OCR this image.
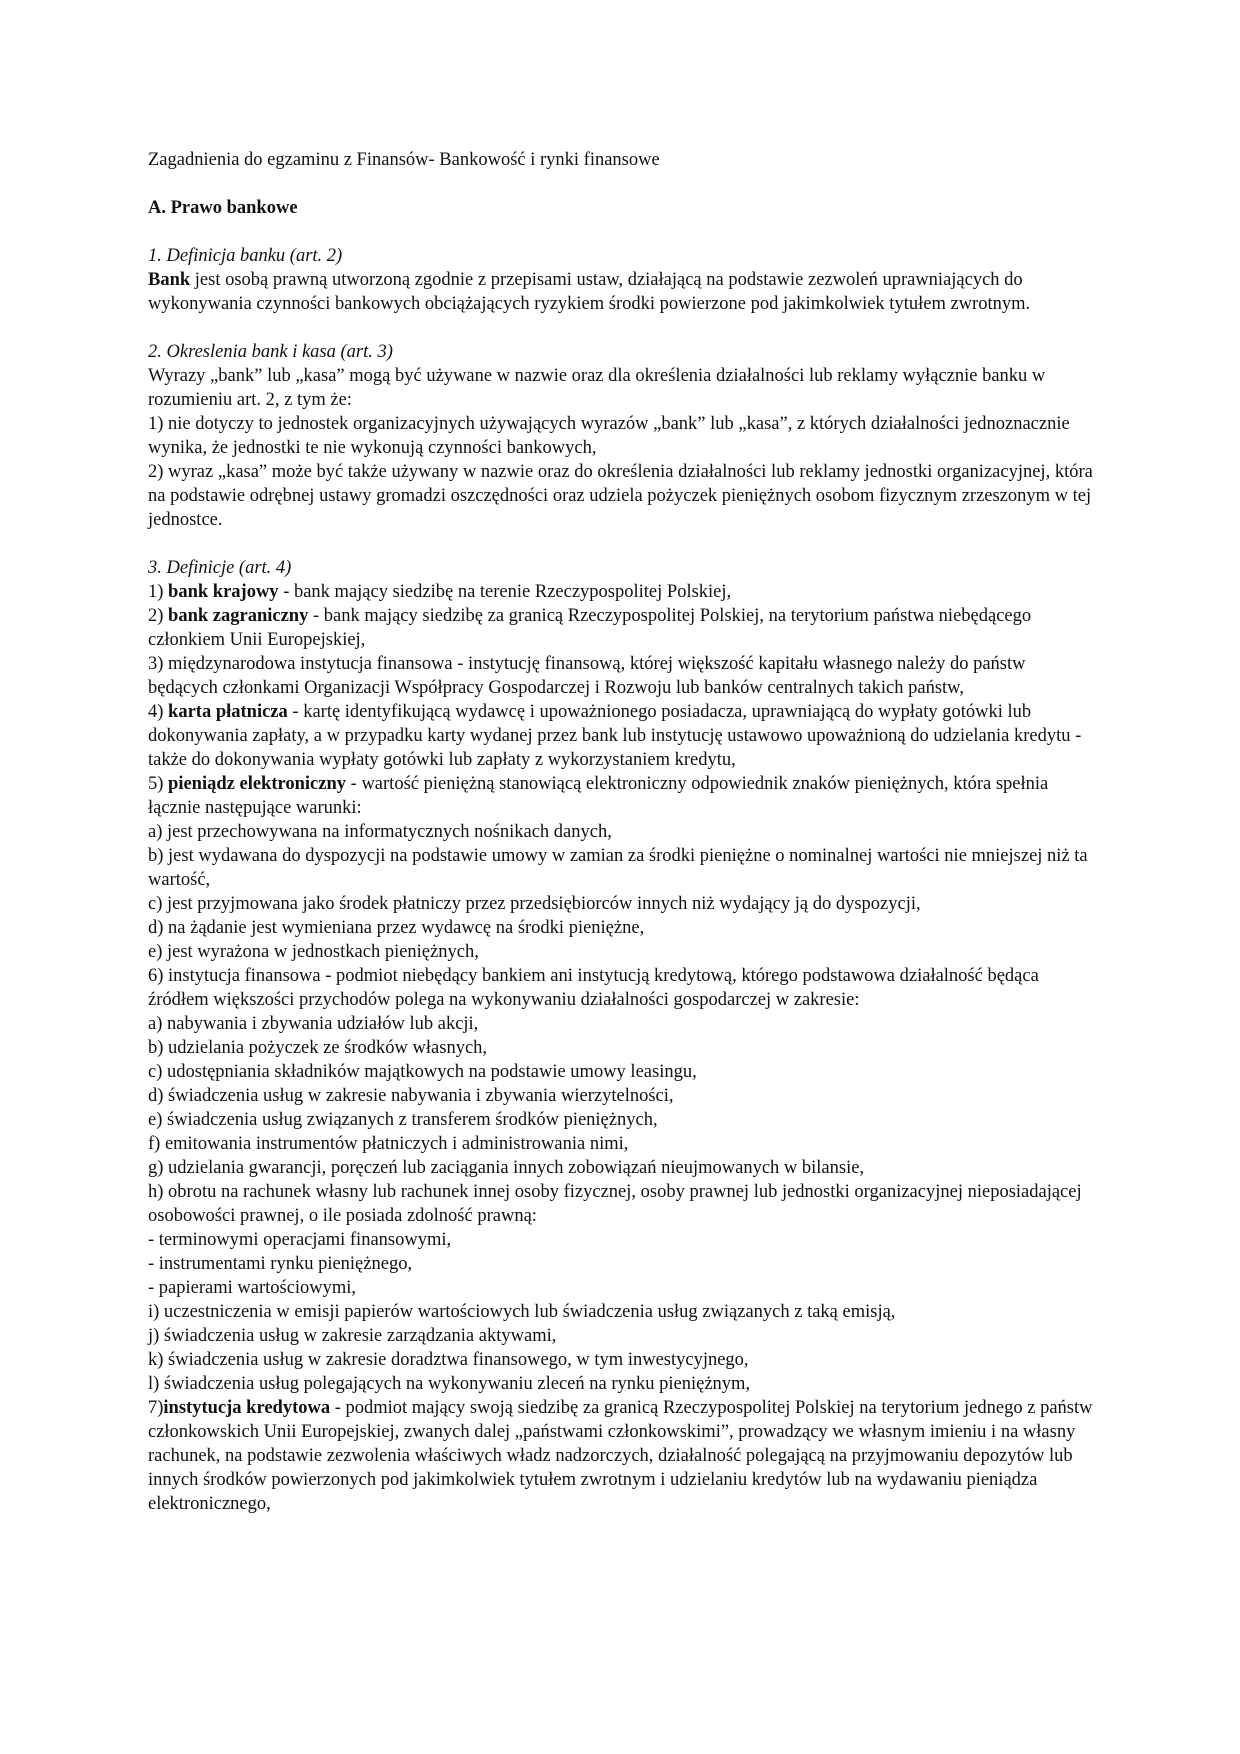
Zagadnienia do egzaminu z Finansów- Bankowość i rynki finansowe

A. Prawo bankowe

1. Definicja banku (art. 2)
Bank jest osobą prawną utworzoną zgodnie z przepisami ustaw, działającą na podstawie zezwoleń uprawniających do wykonywania czynności bankowych obciążających ryzykiem środki powierzone pod jakimkolwiek tytułem zwrotnym.
2. Okreslenia bank i kasa (art. 3)
Wyrazy „bank” lub „kasa” mogą być używane w nazwie oraz dla określenia działalności lub reklamy wyłącznie banku w rozumieniu art. 2, z tym że:
1) nie dotyczy to jednostek organizacyjnych używających wyrazów „bank” lub „kasa”, z których działalności jednoznacznie wynika, że jednostki te nie wykonują czynności bankowych,
2) wyraz „kasa” może być także używany w nazwie oraz do określenia działalności lub reklamy jednostki organizacyjnej, która na podstawie odrębnej ustawy gromadzi oszczędności oraz udziela pożyczek pieniężnych osobom fizycznym zrzeszonym w tej jednostce.
3. Definicje (art. 4)
1) bank krajowy - bank mający siedzibę na terenie Rzeczypospolitej Polskiej,
2) bank zagraniczny - bank mający siedzibę za granicą Rzeczypospolitej Polskiej, na terytorium państwa niebędącego członkiem Unii Europejskiej,
3) międzynarodowa instytucja finansowa - instytucję finansową, której większość kapitału własnego należy do państw będących członkami Organizacji Współpracy Gospodarczej i Rozwoju lub banków centralnych takich państw,
4) karta płatnicza - kartę identyfikującą wydawcę i upoważnionego posiadacza, uprawniającą do wypłaty gotówki lub dokonywania zapłaty, a w przypadku karty wydanej przez bank lub instytucję ustawowo upoważnioną do udzielania kredytu - także do dokonywania wypłaty gotówki lub zapłaty z wykorzystaniem kredytu,
5) pieniądz elektroniczny - wartość pieniężną stanowiącą elektroniczny odpowiednik znaków pieniężnych, która spełnia łącznie następujące warunki:
a) jest przechowywana na informatycznych nośnikach danych,
b) jest wydawana do dyspozycji na podstawie umowy w zamian za środki pieniężne o nominalnej wartości nie mniejszej niż ta wartość,
c) jest przyjmowana jako środek płatniczy przez przedsiębiorców innych niż wydający ją do dyspozycji,
d) na żądanie jest wymieniana przez wydawcę na środki pieniężne,
e) jest wyrażona w jednostkach pieniężnych,
6) instytucja finansowa - podmiot niebędący bankiem ani instytucją kredytową, którego podstawowa działalność będąca źródłem większości przychodów polega na wykonywaniu działalności gospodarczej w zakresie:
a) nabywania i zbywania udziałów lub akcji,
b) udzielania pożyczek ze środków własnych,
c) udostępniania składników majątkowych na podstawie umowy leasingu,
d) świadczenia usług w zakresie nabywania i zbywania wierzytelności,
e) świadczenia usług związanych z transferem środków pieniężnych,
f) emitowania instrumentów płatniczych i administrowania nimi,
g) udzielania gwarancji, poręczeń lub zaciągania innych zobowiązań nieujmowanych w bilansie,
h) obrotu na rachunek własny lub rachunek innej osoby fizycznej, osoby prawnej lub jednostki organizacyjnej nieposiadającej osobowości prawnej, o ile posiada zdolność prawną:
- terminowymi operacjami finansowymi,
- instrumentami rynku pieniężnego,
- papierami wartościowymi,
i) uczestniczenia w emisji papierów wartościowych lub świadczenia usług związanych z taką emisją,
j) świadczenia usług w zakresie zarządzania aktywami,
k) świadczenia usług w zakresie doradztwa finansowego, w tym inwestycyjnego,
l) świadczenia usług polegających na wykonywaniu zleceń na rynku pieniężnym,
7)instytucja kredytowa - podmiot mający swoją siedzibę za granicą Rzeczypospolitej Polskiej na terytorium jednego z państw członkowskich Unii Europejskiej, zwanych dalej „państwami członkowskimi”, prowadzący we własnym imieniu i na własny rachunek, na podstawie zezwolenia właściwych władz nadzorczych, działalność polegającą na przyjmowaniu depozytów lub innych środków powierzonych pod jakimkolwiek tytułem zwrotnym i udzielaniu kredytów lub na wydawaniu pieniądza elektronicznego,
